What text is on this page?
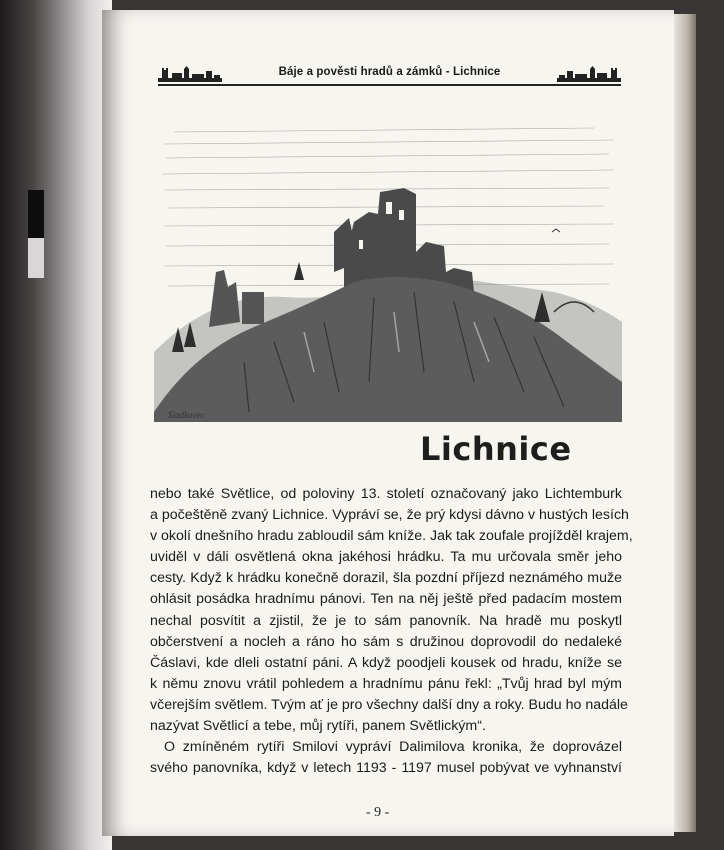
Báje a pověsti hradů a zámků - Lichnice
Sladkovec
Lichnice
nebo také Světlice, od poloviny 13. století označovaný jako Lichtemburk
a počeštěně zvaný Lichnice. Vypráví se, že prý kdysi dávno v hustých lesích
v okolí dnešního hradu zabloudil sám kníže. Jak tak zoufale projížděl krajem,
uviděl v dáli osvětlená okna jakéhosi hrádku. Ta mu určovala směr jeho
cesty. Když k hrádku konečně dorazil, šla pozdní příjezd neznámého muže
ohlásit posádka hradnímu pánovi. Ten na něj ještě před padacím mostem
nechal posvítit a zjistil, že je to sám panovník. Na hradě mu poskytl
občerstvení a nocleh a ráno ho sám s družinou doprovodil do nedaleké
Čáslavi, kde dleli ostatní páni. A když poodjeli kousek od hradu, kníže se
k němu znovu vrátil pohledem a hradnímu pánu řekl: „Tvůj hrad byl mým
včerejším světlem. Tvým ať je pro všechny další dny a roky. Budu ho nadále
nazývat Světlicí a tebe, můj rytíři, panem Světlickým“.
O zmíněném rytíři Smilovi vypráví Dalimilova kronika, že doprovázel
svého panovníka, když v letech 1193 - 1197 musel pobývat ve vyhnanství
- 9 -
